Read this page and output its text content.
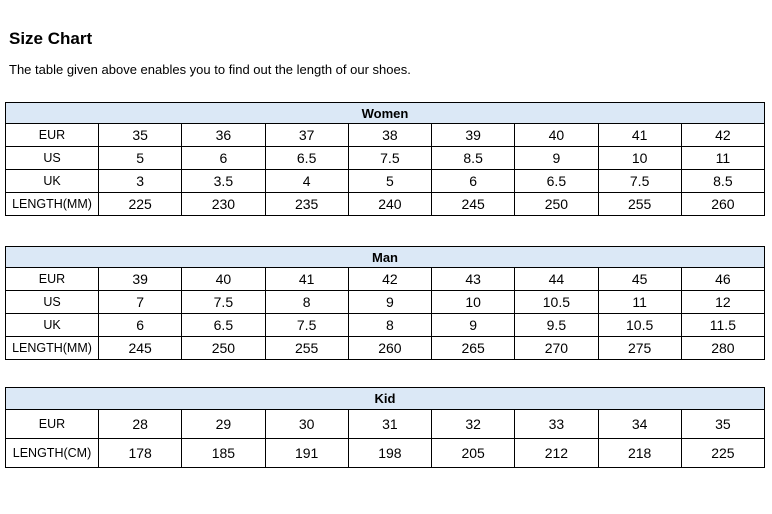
Size Chart

The table given above enables you to find out the length of our shoes.

Women								
EUR	35	36	37	38	39	40	41	42
US	5	6	6.5	7.5	8.5	9	10	11
UK	3	3.5	4	5	6	6.5	7.5	8.5
LENGTH(MM)	225	230	235	240	245	250	255	260
Man								
EUR	39	40	41	42	43	44	45	46
US	7	7.5	8	9	10	10.5	11	12
UK	6	6.5	7.5	8	9	9.5	10.5	11.5
LENGTH(MM)	245	250	255	260	265	270	275	280
Kid								
EUR	28	29	30	31	32	33	34	35
LENGTH(CM)	178	185	191	198	205	212	218	225
